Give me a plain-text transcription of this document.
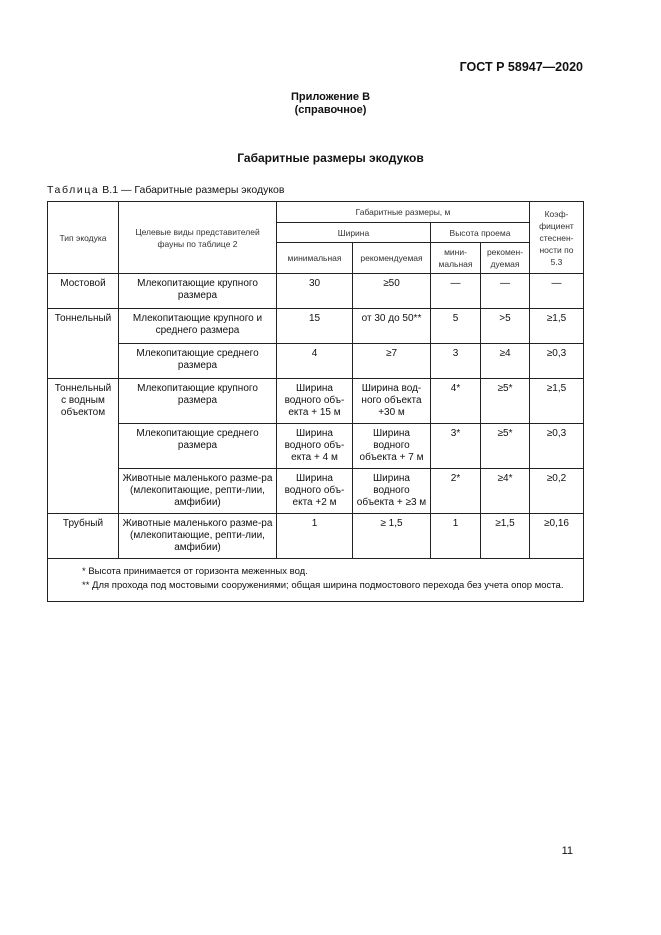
ГОСТ Р 58947—2020
Приложение В
(справочное)
Габаритные размеры экодуков
Таблица В.1 — Габаритные размеры экодуков
Тип экодука	Целевые виды представителей фауны по таблице 2	Габаритные размеры, м				Коэф-фициент стеснен-ности по 5.3
		Ширина		Высота проема		
		минимальная	рекомендуемая	мини-мальная	рекомен-дуемая	
Мостовой	Млекопитающие крупного размера	30	≥50	—	—	—
Тоннельный	Млекопитающие крупного и среднего размера	15	от 30 до 50**	5	>5	≥1,5
	Млекопитающие среднего размера	4	≥7	3	≥4	≥0,3
Тоннельный с водным объектом	Млекопитающие крупного размера	Ширина водного объ-екта + 15 м	Ширина вод-ного объекта +30 м	4*	≥5*	≥1,5
	Млекопитающие среднего размера	Ширина водного объ-екта + 4 м	Ширина водного объекта + 7 м	3*	≥5*	≥0,3
	Животные маленького разме-ра (млекопитающие, репти-лии, амфибии)	Ширина водного объ-екта +2 м	Ширина водного объекта + ≥3 м	2*	≥4*	≥0,2
Трубный	Животные маленького разме-ра (млекопитающие, репти-лии, амфибии)	1	≥ 1,5	1	≥1,5	≥0,16

* Высота принимается от горизонта меженных вод.
** Для прохода под мостовыми сооружениями; общая ширина подмостового перехода без учета опор моста.						
11
